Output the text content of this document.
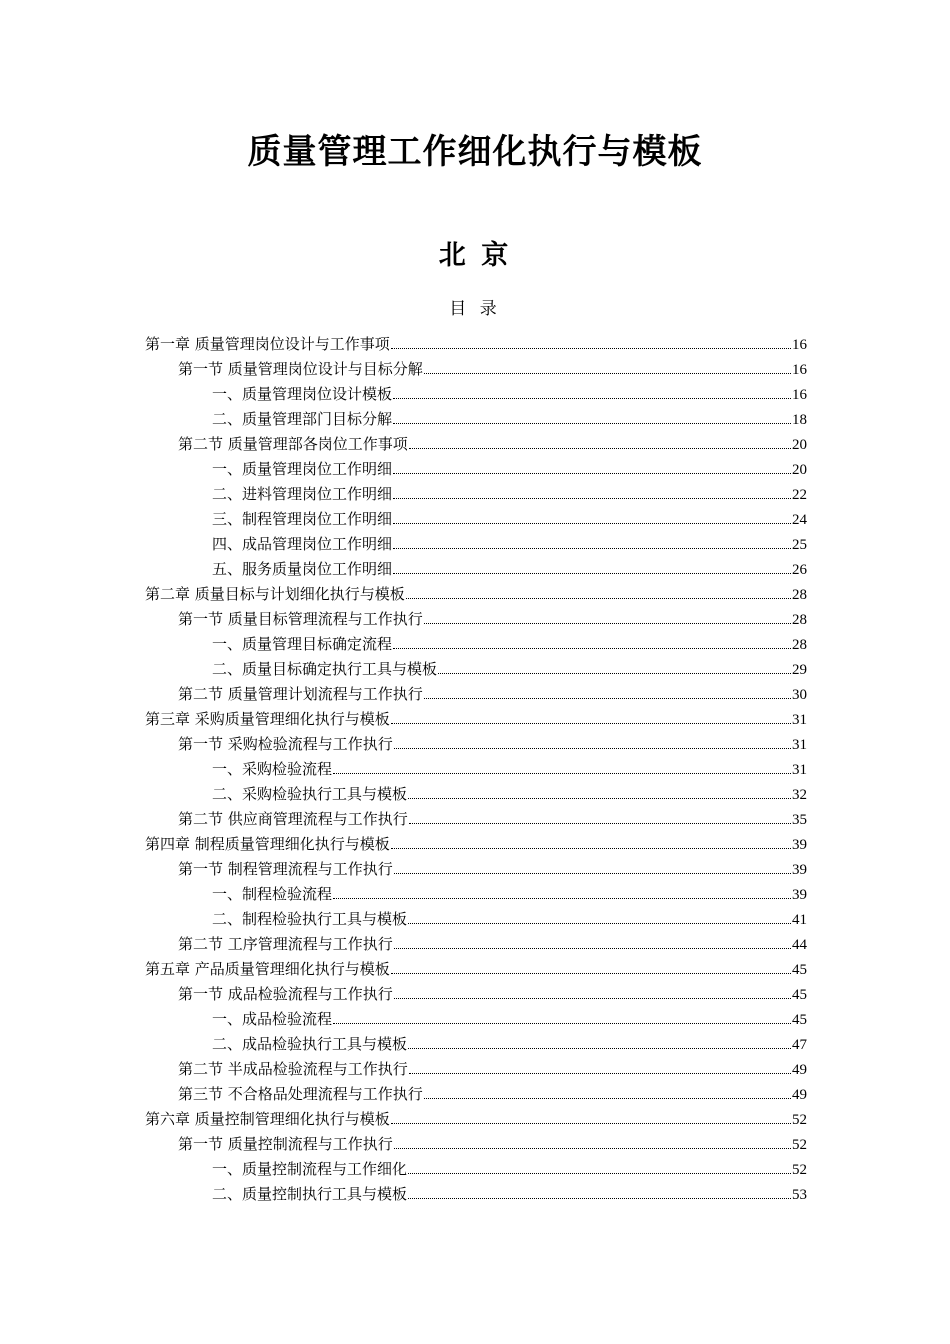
质量管理工作细化执行与模板
北 京
目 录
第一章 质量管理岗位设计与工作事项	16
第一节 质量管理岗位设计与目标分解	16
一、质量管理岗位设计模板	16
二、质量管理部门目标分解	18
第二节 质量管理部各岗位工作事项	20
一、质量管理岗位工作明细	20
二、进料管理岗位工作明细	22
三、制程管理岗位工作明细	24
四、成品管理岗位工作明细	25
五、服务质量岗位工作明细	26
第二章 质量目标与计划细化执行与模板	28
第一节 质量目标管理流程与工作执行	28
一、质量管理目标确定流程	28
二、质量目标确定执行工具与模板	29
第二节 质量管理计划流程与工作执行	30
第三章 采购质量管理细化执行与模板	31
第一节 采购检验流程与工作执行	31
一、采购检验流程	31
二、采购检验执行工具与模板	32
第二节 供应商管理流程与工作执行	35
第四章 制程质量管理细化执行与模板	39
第一节 制程管理流程与工作执行	39
一、制程检验流程	39
二、制程检验执行工具与模板	41
第二节 工序管理流程与工作执行	44
第五章 产品质量管理细化执行与模板	45
第一节 成品检验流程与工作执行	45
一、成品检验流程	45
二、成品检验执行工具与模板	47
第二节 半成品检验流程与工作执行	49
第三节 不合格品处理流程与工作执行	49
第六章 质量控制管理细化执行与模板	52
第一节 质量控制流程与工作执行	52
一、质量控制流程与工作细化	52
二、质量控制执行工具与模板	53
